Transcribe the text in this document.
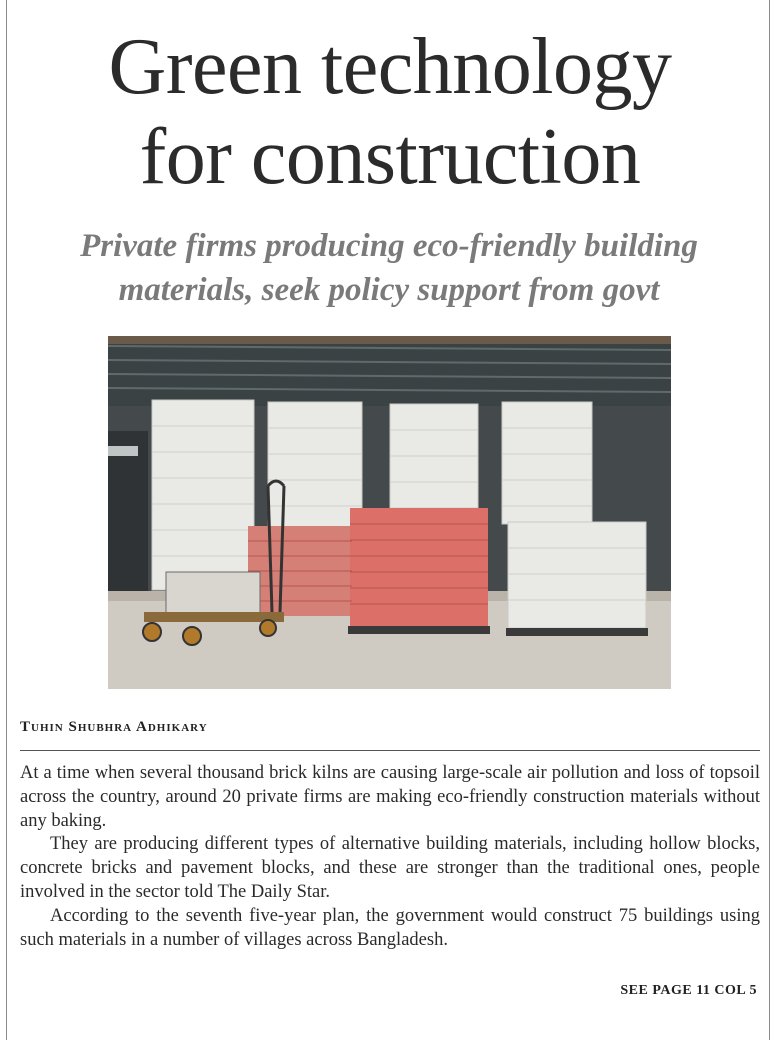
Green technology
for construction
Private firms producing eco-friendly building
materials, seek policy support from govt
Tuhin Shubhra Adhikary

At a time when several thousand brick kilns are causing large-scale air pollution and loss of topsoil across the country, around 20 private firms are making eco-friendly construction materials without any baking.

They are producing different types of alternative building materials, including hollow blocks, concrete bricks and pavement blocks, and these are stronger than the traditional ones, people involved in the sector told The Daily Star.

According to the seventh five-year plan, the government would construct 75 buildings using such materials in a number of villages across Bangladesh.

SEE PAGE 11 COL 5
